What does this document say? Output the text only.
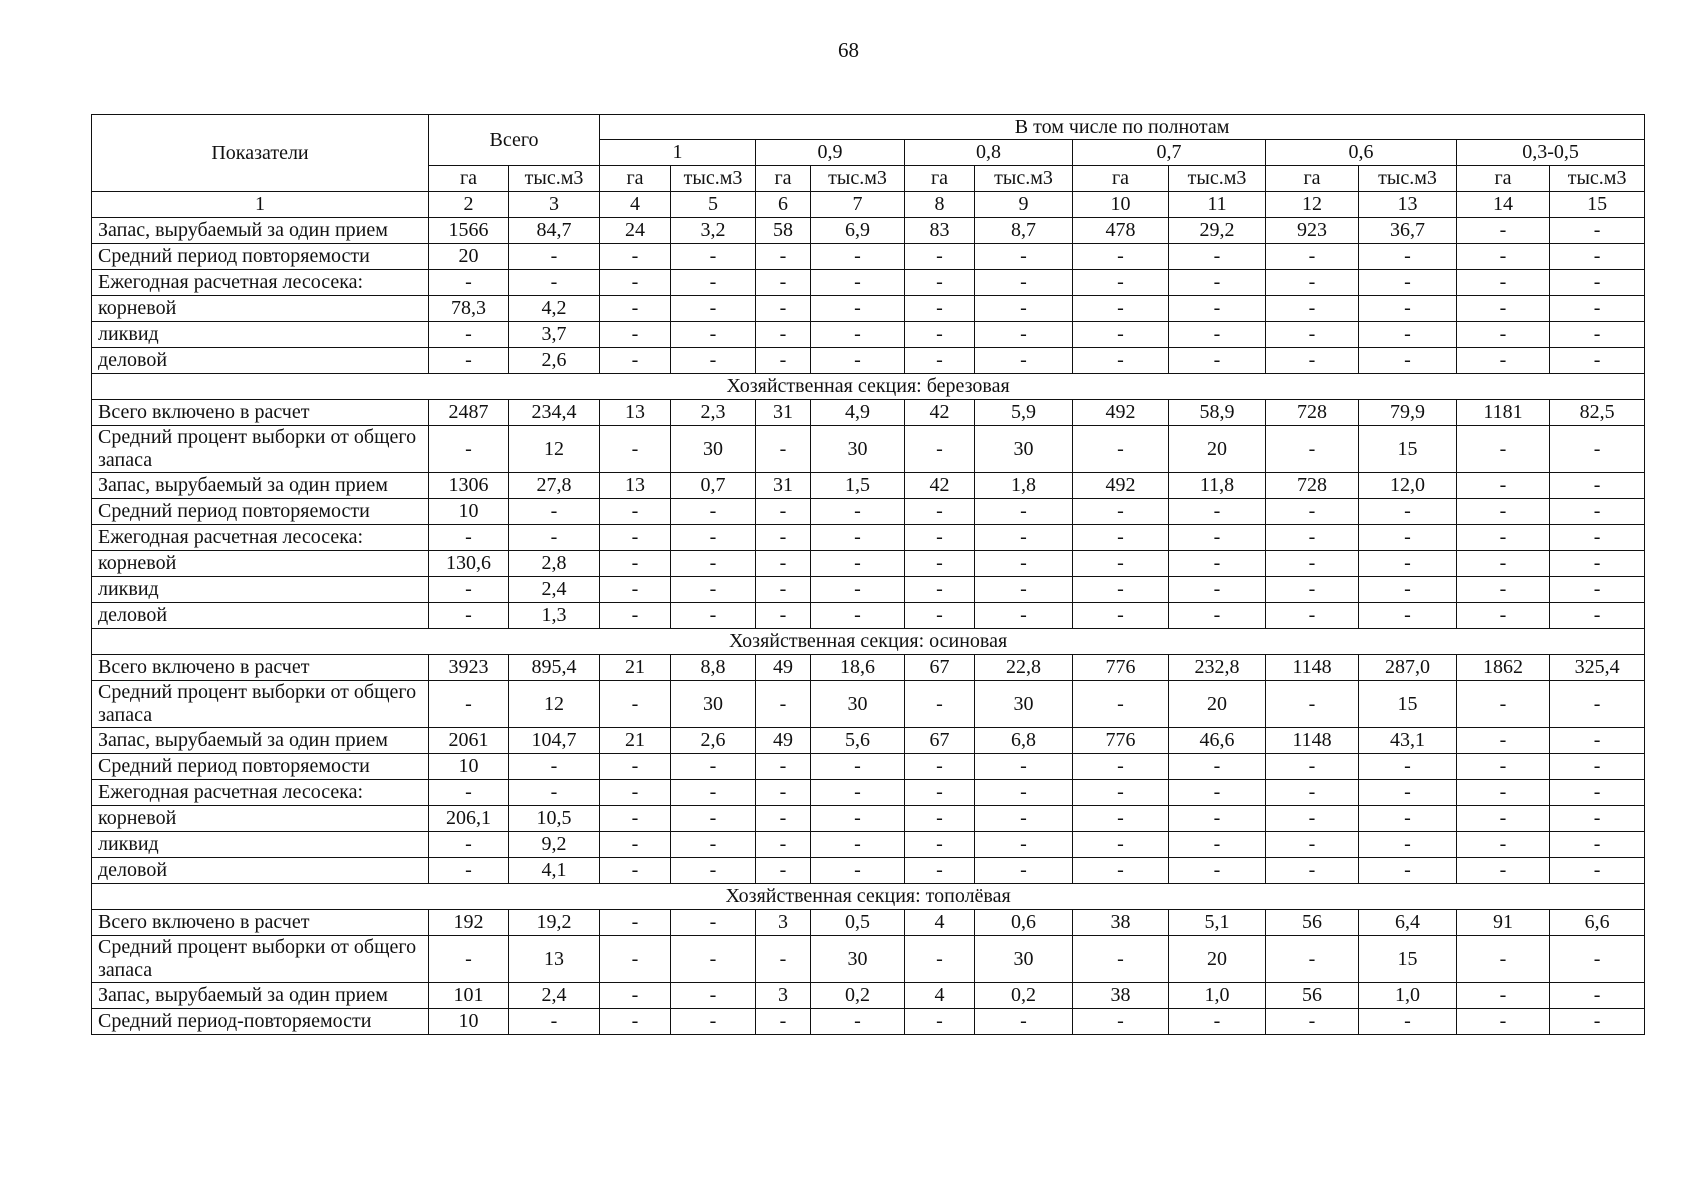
68
Показатели	Всего		В том числе по полнотам											
			1		0,9		0,8		0,7		0,6		0,3-0,5	
	га	тыс.м3	га	тыс.м3	га	тыс.м3	га	тыс.м3	га	тыс.м3	га	тыс.м3	га	тыс.м3
1	2	3	4	5	6	7	8	9	10	11	12	13	14	15
Запас, вырубаемый за один прием	1566	84,7	24	3,2	58	6,9	83	8,7	478	29,2	923	36,7	-	-
Средний период повторяемости	20	-	-	-	-	-	-	-	-	-	-	-	-	-
Ежегодная расчетная лесосека:	-	-	-	-	-	-	-	-	-	-	-	-	-	-
корневой	78,3	4,2	-	-	-	-	-	-	-	-	-	-	-	-
ликвид	-	3,7	-	-	-	-	-	-	-	-	-	-	-	-
деловой	-	2,6	-	-	-	-	-	-	-	-	-	-	-	-
Хозяйственная секция: березовая														
Всего включено в расчет	2487	234,4	13	2,3	31	4,9	42	5,9	492	58,9	728	79,9	1181	82,5
Средний процент выборки от общего запаса	-	12	-	30	-	30	-	30	-	20	-	15	-	-
Запас, вырубаемый за один прием	1306	27,8	13	0,7	31	1,5	42	1,8	492	11,8	728	12,0	-	-
Средний период повторяемости	10	-	-	-	-	-	-	-	-	-	-	-	-	-
Ежегодная расчетная лесосека:	-	-	-	-	-	-	-	-	-	-	-	-	-	-
корневой	130,6	2,8	-	-	-	-	-	-	-	-	-	-	-	-
ликвид	-	2,4	-	-	-	-	-	-	-	-	-	-	-	-
деловой	-	1,3	-	-	-	-	-	-	-	-	-	-	-	-
Хозяйственная секция: осиновая														
Всего включено в расчет	3923	895,4	21	8,8	49	18,6	67	22,8	776	232,8	1148	287,0	1862	325,4
Средний процент выборки от общего запаса	-	12	-	30	-	30	-	30	-	20	-	15	-	-
Запас, вырубаемый за один прием	2061	104,7	21	2,6	49	5,6	67	6,8	776	46,6	1148	43,1	-	-
Средний период повторяемости	10	-	-	-	-	-	-	-	-	-	-	-	-	-
Ежегодная расчетная лесосека:	-	-	-	-	-	-	-	-	-	-	-	-	-	-
корневой	206,1	10,5	-	-	-	-	-	-	-	-	-	-	-	-
ликвид	-	9,2	-	-	-	-	-	-	-	-	-	-	-	-
деловой	-	4,1	-	-	-	-	-	-	-	-	-	-	-	-
Хозяйственная секция: тополёвая														
Всего включено в расчет	192	19,2	-	-	3	0,5	4	0,6	38	5,1	56	6,4	91	6,6
Средний процент выборки от общего запаса	-	13	-	-	-	30	-	30	-	20	-	15	-	-
Запас, вырубаемый за один прием	101	2,4	-	-	3	0,2	4	0,2	38	1,0	56	1,0	-	-
Средний период-повторяемости	10	-	-	-	-	-	-	-	-	-	-	-	-	-
